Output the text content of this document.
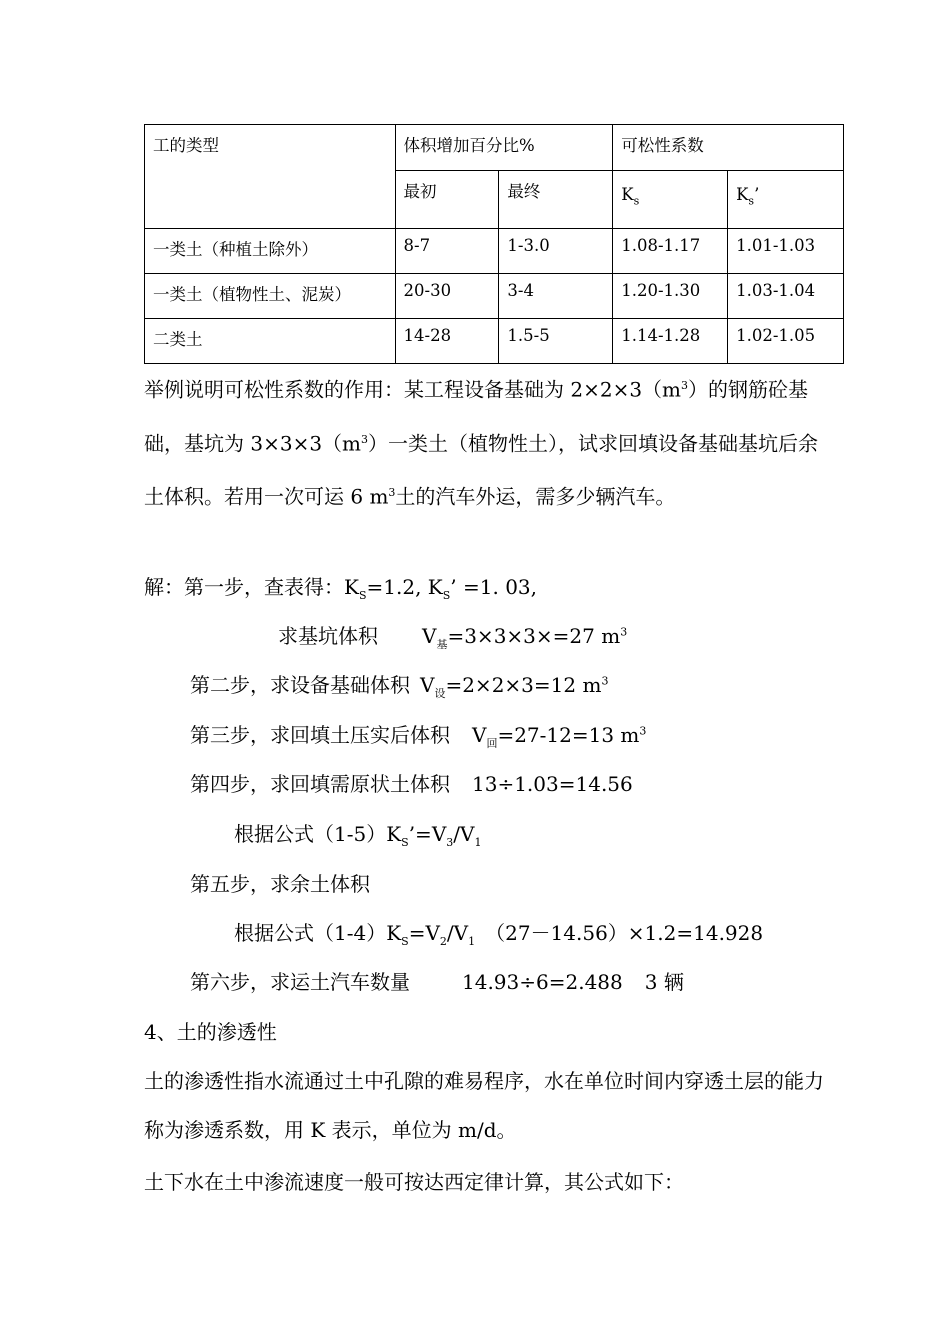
工的类型	体积增加百分比%		可松性系数	
	最初	最终	$K_s$	$K_s$’
一类土（种植土除外）	8-7	1-3.0	1.08-1.17	1.01-1.03
一类土（植物性土、泥炭）	20-30	3-4	1.20-1.30	1.03-1.04
二类土	14-28	1.5-5	1.14-1.28	1.02-1.05
举例说明可松性系数的作用：某工程设备基础为 $2\times 2\times 3(m^3)$的钢筋砼基础，基坑为 $3\times 3\times 3(m^3)$一类土（植物性土），试求回填设备基础基坑后余土体积。若用一次可运 6 $m^3$土的汽车外运，需多少辆汽车。
解：第一步，查表得：$K_S=1.2$, $K_S$’ =1. 03,
求基坑体积 $V_基=3\times 3\times 3\times=27$ $m^3$
第二步，求设备基础体积 $V_设=2\times 2\times 3=12$ $m^3$
第三步，求回填土压实后体积 $V_回=27-12=13$ $m^3$
第四步，求回填需原状土体积 13÷1.03=14.56
根据公式$(1-5)K_S’=V_3/V_1$
第五步，求余土体积
根据公式$(1-4)K_S=V_2/V_1$ （27－14.56）×1.2=14.928
第六步，求运土汽车数量	14.93÷6=2.488 3 辆
4、土的渗透性
土的渗透性指水流通过土中孔隙的难易程序，水在单位时间内穿透土层的能力称为渗透系数，用 K 表示，单位为 m/d。
土下水在土中渗流速度一般可按达西定律计算，其公式如下：
